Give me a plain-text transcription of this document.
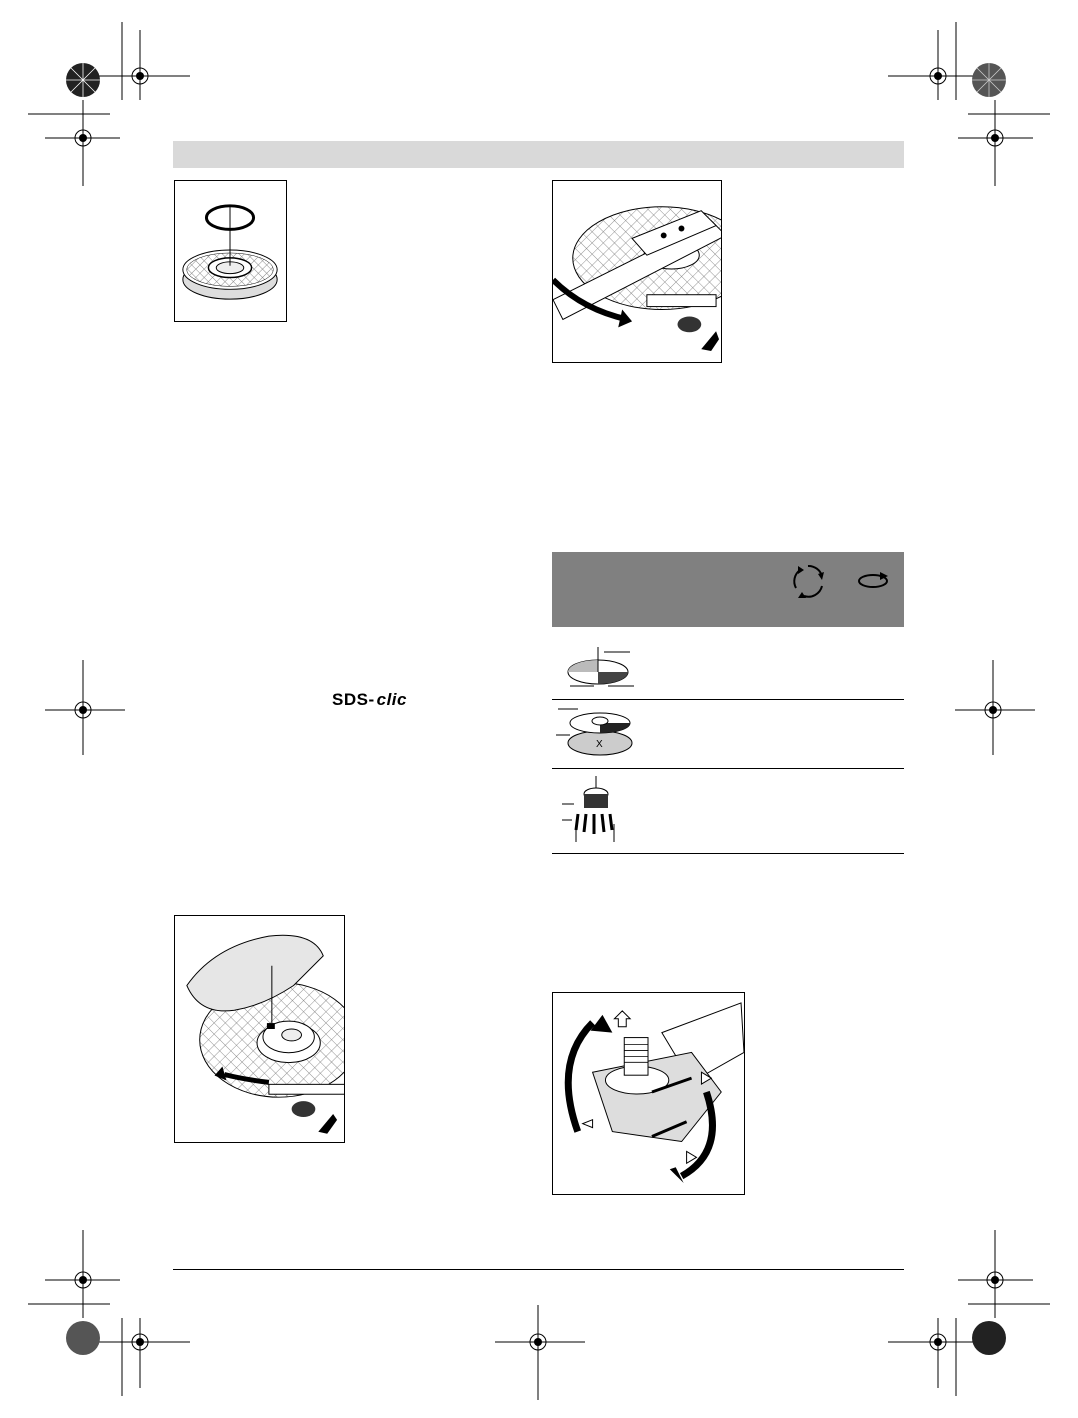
SDS- clic
X
